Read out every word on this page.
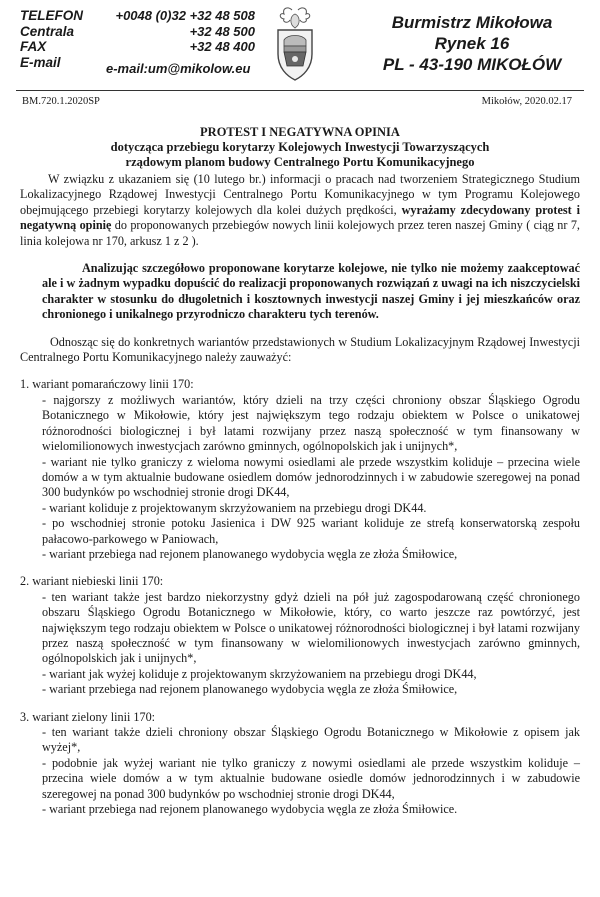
TELEFON
Centrala
FAX
E-mail
+0048 (0)32 +32 48 508
+32 48 500
+32 48 400
e-mail:um@mikolow.eu
Burmistrz Mikołowa
Rynek 16
PL - 43-190 MIKOŁÓW
BM.720.1.2020SP	Mikołów, 2020.02.17
PROTEST I NEGATYWNA OPINIA
dotycząca przebiegu korytarzy Kolejowych Inwestycji Towarzyszących
rządowym planom budowy Centralnego Portu Komunikacyjnego

W związku z ukazaniem się (10 lutego br.) informacji o pracach nad tworzeniem Strategicznego Studium Lokalizacyjnego Rządowej Inwestycji Centralnego Portu Komunikacyjnego w tym Programu Kolejowego obejmującego przebiegi korytarzy kolejowych dla kolei dużych prędkości, wyrażamy zdecydowany protest i negatywną opinię do proponowanych przebiegów nowych linii kolejowych przez teren naszej Gminy ( ciąg nr 7, linia kolejowa nr 170, arkusz 1 z 2 ).

Analizując szczegółowo proponowane korytarze kolejowe, nie tylko nie możemy zaakceptować ale i w żadnym wypadku dopuścić do realizacji proponowanych rozwiązań z uwagi na ich niszczycielski charakter w stosunku do długoletnich i kosztownych inwestycji naszej Gminy i jej mieszkańców oraz chronionego i unikalnego przyrodniczo charakteru tych terenów.

Odnosząc się do konkretnych wariantów przedstawionych w Studium Lokalizacyjnym Rządowej Inwestycji Centralnego Portu Komunikacyjnego należy zauważyć:

1. wariant pomarańczowy linii 170:

- najgorszy z możliwych wariantów, który dzieli na trzy części chroniony obszar Śląskiego Ogrodu Botanicznego w Mikołowie, który jest największym tego rodzaju obiektem w Polsce o unikatowej różnorodności biologicznej i był latami rozwijany przez naszą społeczność w tym finansowany w wielomilionowych inwestycjach zarówno gminnych, ogólnopolskich jak i unijnych*,
- wariant nie tylko graniczy z wieloma nowymi osiedlami ale przede wszystkim koliduje – przecina wiele domów a w tym aktualnie budowane osiedlem domów jednorodzinnych i w zabudowie szeregowej na ponad 300 budynków po wschodniej stronie drogi DK44,
- wariant koliduje z projektowanym skrzyżowaniem na przebiegu drogi DK44.
- po wschodniej stronie potoku Jasienica i DW 925 wariant koliduje ze strefą konserwatorską zespołu pałacowo-parkowego w Paniowach,
- wariant przebiega nad rejonem planowanego wydobycia węgla ze złoża Śmiłowice,

2. wariant niebieski linii 170:

- ten wariant także jest bardzo niekorzystny gdyż dzieli na pół już zagospodarowaną część chronionego obszaru Śląskiego Ogrodu Botanicznego w Mikołowie, który, co warto jeszcze raz powtórzyć, jest największym tego rodzaju obiektem w Polsce o unikatowej różnorodności biologicznej i był latami rozwijany przez naszą społeczność w tym finansowany w wielomilionowych inwestycjach zarówno gminnych, ogólnopolskich jak i unijnych*,
- wariant jak wyżej koliduje z projektowanym skrzyżowaniem na przebiegu drogi DK44,
- wariant przebiega nad rejonem planowanego wydobycia węgla ze złoża Śmiłowice,

3. wariant zielony linii 170:

- ten wariant także dzieli chroniony obszar Śląskiego Ogrodu Botanicznego w Mikołowie z opisem jak wyżej*,
- podobnie jak wyżej wariant nie tylko graniczy z nowymi osiedlami ale przede wszystkim koliduje – przecina wiele domów a w tym aktualnie budowane osiedle domów jednorodzinnych i w zabudowie szeregowej na ponad 300 budynków po wschodniej stronie drogi DK44,
- wariant przebiega nad rejonem planowanego wydobycia węgla ze złoża Śmiłowice.
